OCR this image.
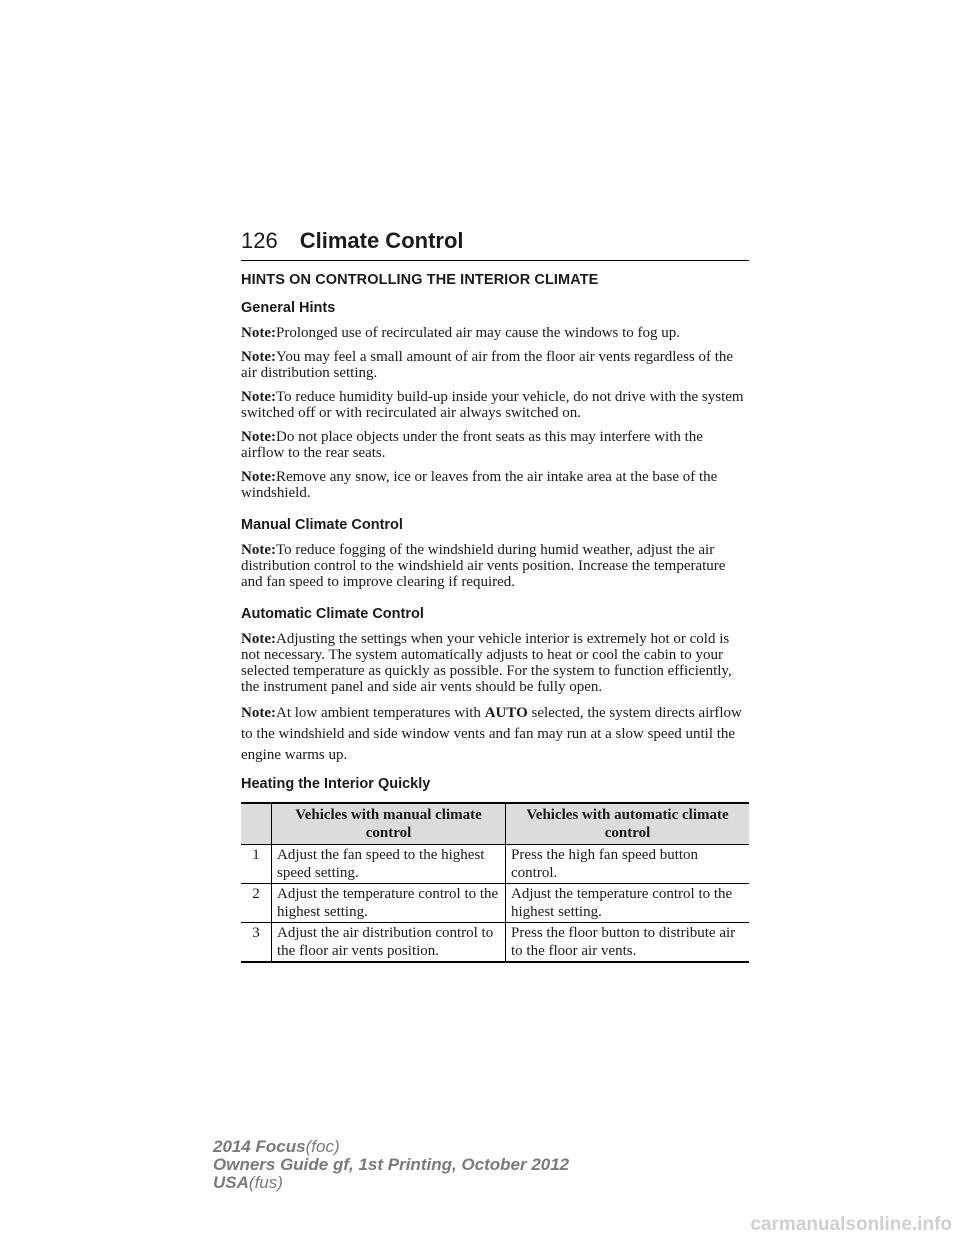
126 Climate Control
HINTS ON CONTROLLING THE INTERIOR CLIMATE
General Hints

Note:Prolonged use of recirculated air may cause the windows to fog up.

Note:You may feel a small amount of air from the floor air vents regardless of the air distribution setting.

Note:To reduce humidity build-up inside your vehicle, do not drive with the system switched off or with recirculated air always switched on.

Note:Do not place objects under the front seats as this may interfere with the airflow to the rear seats.

Note:Remove any snow, ice or leaves from the air intake area at the base of the windshield.

Manual Climate Control

Note:To reduce fogging of the windshield during humid weather, adjust the air distribution control to the windshield air vents position. Increase the temperature and fan speed to improve clearing if required.

Automatic Climate Control

Note:Adjusting the settings when your vehicle interior is extremely hot or cold is not necessary. The system automatically adjusts to heat or cool the cabin to your selected temperature as quickly as possible. For the system to function efficiently, the instrument panel and side air vents should be fully open.

Note:At low ambient temperatures with AUTO selected, the system directs airflow to the windshield and side window vents and fan may run at a slow speed until the engine warms up.

Heating the Interior Quickly
	Vehicles with manual climate control	Vehicles with automatic climate control
1	Adjust the fan speed to the highest speed setting.	Press the high fan speed button control.
2	Adjust the temperature control to the highest setting.	Adjust the temperature control to the highest setting.
3	Adjust the air distribution control to the floor air vents position.	Press the floor button to distribute air to the floor air vents.
2014 Focus(foc)
Owners Guide gf, 1st Printing, October 2012
USA(fus)
carmanualsonline.info
